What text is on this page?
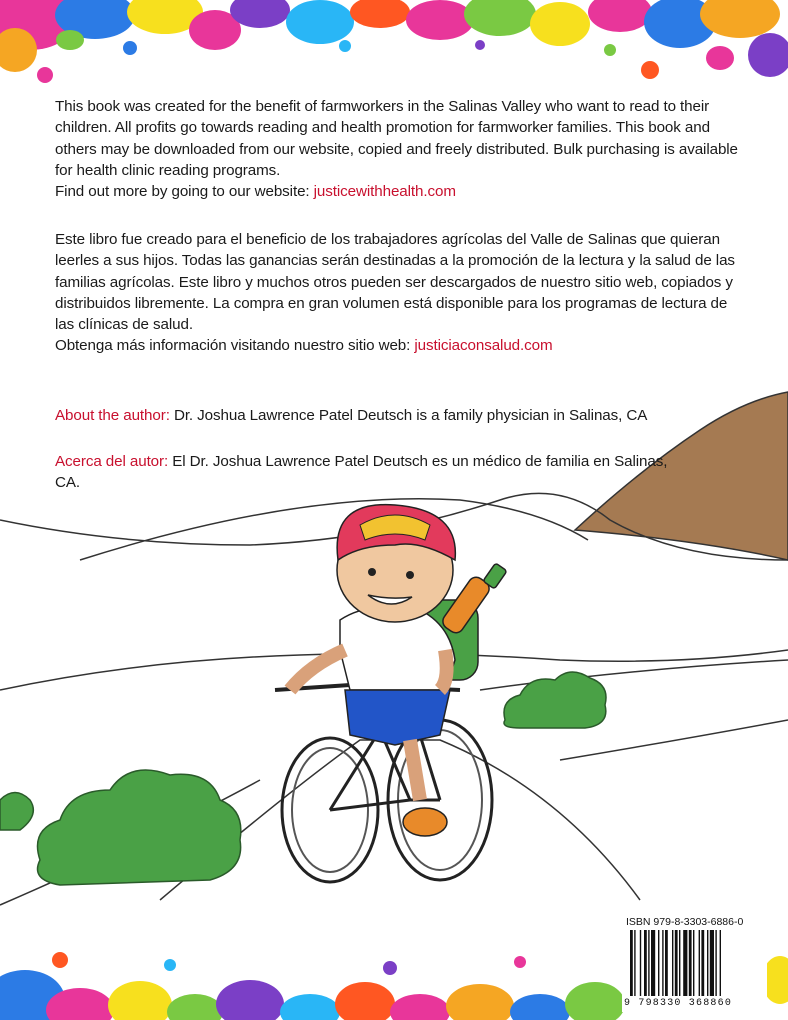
This book was created for the benefit of farmworkers in the Salinas Valley who want to read to their children. All profits go towards reading and health promotion for farmworker families. This book and others may be downloaded from our website, copied and freely distributed. Bulk purchasing is available for health clinic reading programs.

Find out more by going to our website: justicewithhealth.com

Este libro fue creado para el beneficio de los trabajadores agrícolas del Valle de Salinas que quieran leerles a sus hijos. Todas las ganancias serán destinadas a la promoción de la lectura y la salud de las familias agrícolas. Este libro y muchos otros pueden ser descargados de nuestro sitio web, copiados y distribuidos libremente. La compra en gran volumen está disponible para los programas de lectura de las clínicas de salud.

Obtenga más información visitando nuestro sitio web: justiciaconsalud.com

About the author: Dr. Joshua Lawrence Patel Deutsch is a family physician in Salinas, CA

Acerca del autor: El Dr. Joshua Lawrence Patel Deutsch es un médico de familia en Salinas, CA.

ISBN 979-8-3303-6886-0
9 798330 368860
